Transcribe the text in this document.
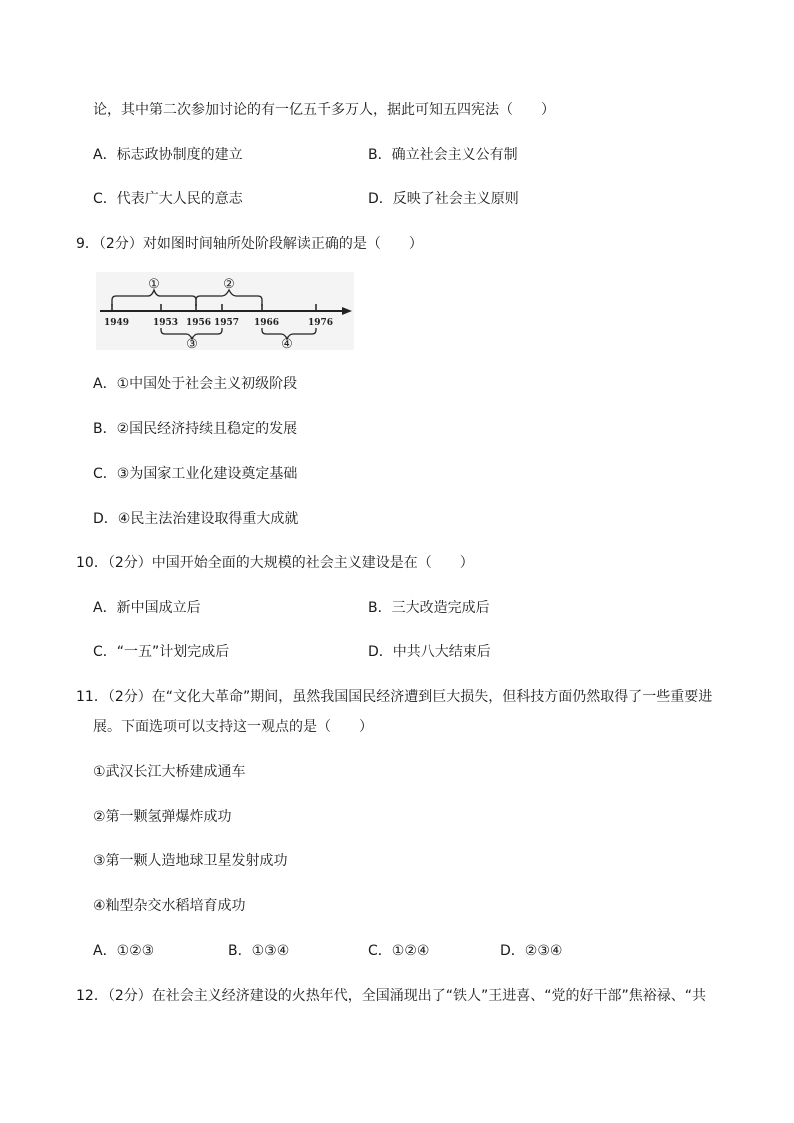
论，其中第二次参加讨论的有一亿五千多万人，据此可知五四宪法（　　）
A．标志政协制度的建立	B．确立社会主义公有制
C．代表广大人民的意志	D．反映了社会主义原则
9．（2分）对如图时间轴所处阶段解读正确的是（　　）
1949	1953 1956 1957 1966	1976
①	②
③	④
A．①中国处于社会主义初级阶段
B．②国民经济持续且稳定的发展
C．③为国家工业化建设奠定基础
D．④民主法治建设取得重大成就
10．（2分）中国开始全面的大规模的社会主义建设是在（　　）
A．新中国成立后	B．三大改造完成后
C．“一五”计划完成后	D．中共八大结束后
11．（2分）在“文化大革命”期间，虽然我国国民经济遭到巨大损失，但科技方面仍然取得了一些重要进
展。下面选项可以支持这一观点的是（　　）
①武汉长江大桥建成通车
②第一颗氢弹爆炸成功
③第一颗人造地球卫星发射成功
④籼型杂交水稻培育成功
A．①②③	B．①③④	C．①②④	D．②③④
12．（2分）在社会主义经济建设的火热年代，全国涌现出了“铁人”王进喜、“党的好干部”焦裕禄、“共
